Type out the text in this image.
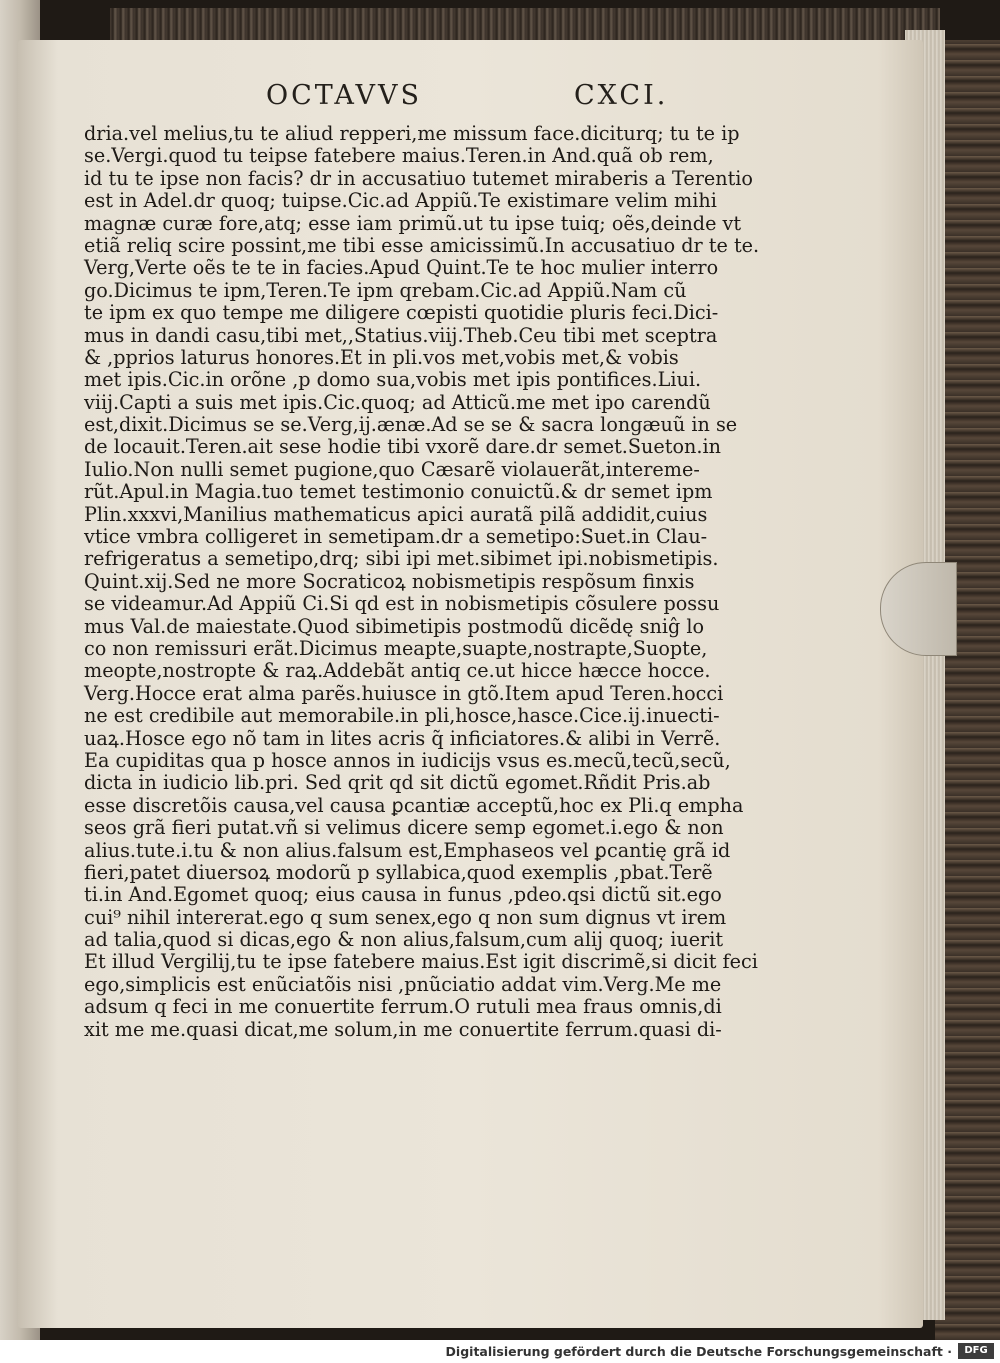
OCTAVVS	CXCI.
dria.vel melius,tu te aliud repperi,me missum face.diciturq; tu te ip
se.Vergi.quod tu teipse fatebere maius.Teren.in And.quã ob rem,
id tu te ipse non facis? dr in accusatiuo tutemet miraberis a Terentio
est in Adel.dr quoq; tuipse.Cic.ad Appiũ.Te existimare velim mihi
magnæ curæ fore,atq; esse iam primũ.ut tu ipse tuiq; oẽs,deinde vt
etiã reliq scire possint,me tibi esse amicissimũ.In accusatiuo dr te te.
Verg,Verte oẽs te te in facies.Apud Quint.Te te hoc mulier interro
go.Dicimus te ipm,Teren.Te ipm qrebam.Cic.ad Appiũ.Nam cũ
te ipm ex quo tempe me diligere cœpisti quotidie pluris feci.Dici-
mus in dandi casu,tibi met,,Statius.viij.Theb.Ceu tibi met sceptra
& ,pprios laturus honores.Et in pli.vos met,vobis met,& vobis
met ipis.Cic.in orõne ,p domo sua,vobis met ipis pontifices.Liui.
viij.Capti a suis met ipis.Cic.quoq; ad Atticũ.me met ipo carendũ
est,dixit.Dicimus se se.Verg,ij.ænæ.Ad se se & sacra longæuũ in se
de locauit.Teren.ait sese hodie tibi vxorẽ dare.dr semet.Sueton.in
Iulio.Non nulli semet pugione,quo Cæsarẽ violauerãt,intereme-
rũt.Apul.in Magia.tuo temet testimonio conuictũ.& dr semet ipm
Plin.xxxvi,Manilius mathematicus apici auratã pilã addidit,cuius
vtice vmbra colligeret in semetipam.dr a semetipo:Suet.in Clau-
refrigeratus a semetipo,drq; sibi ipi met.sibimet ipi.nobismetipis.
Quint.xij.Sed ne more Socraticoꝝ nobismetipis respõsum finxis
se videamur.Ad Appiũ Ci.Si qd est in nobismetipis cõsulere possu
mus Val.de maiestate.Quod sibimetipis postmodũ dicẽdę sniĝ lo
co non remissuri erãt.Dicimus meapte,suapte,nostrapte,Suopte,
meopte,nostropte & raꝝ.Addebãt antiq ce.ut hicce hæcce hocce.
Verg.Hocce erat alma parẽs.huiusce in gtõ.Item apud Teren.hocci
ne est credibile aut memorabile.in pli,hosce,hasce.Cice.ij.inuecti-
uaꝝ.Hosce ego nõ tam in lites acris q̃ inficiatores.& alibi in Verrẽ.
Ea cupiditas qua p hosce annos in iudicijs vsus es.mecũ,tecũ,secũ,
dicta in iudicio lib.pri. Sed qrit qd sit dictũ egomet.Rñdit Pris.ab
esse discretõis causa,vel causa ꝑcantiæ acceptũ,hoc ex Pli.q empha
seos grã fieri putat.vñ si velimus dicere semp egomet.i.ego & non
alius.tute.i.tu & non alius.falsum est,Emphaseos vel ꝑcantię grã id
fieri,patet diuersoꝝ modorũ p syllabica,quod exemplis ,pbat.Terẽ
ti.in And.Egomet quoq; eius causa in funus ,pdeo.qsi dictũ sit.ego
cui⁹ nihil intererat.ego q sum senex,ego q non sum dignus vt irem
ad talia,quod si dicas,ego & non alius,falsum,cum alij quoq; iuerit
Et illud Vergilij,tu te ipse fatebere maius.Est igit discrimẽ,si dicit feci
ego,simplicis est enũciatõis nisi ,pnũciatio addat vim.Verg.Me me
adsum q feci in me conuertite ferrum.O rutuli mea fraus omnis,di
xit me me.quasi dicat,me solum,in me conuertite ferrum.quasi di-
Digitalisierung gefördert durch die Deutsche Forschungsgemeinschaft ·	DFG
